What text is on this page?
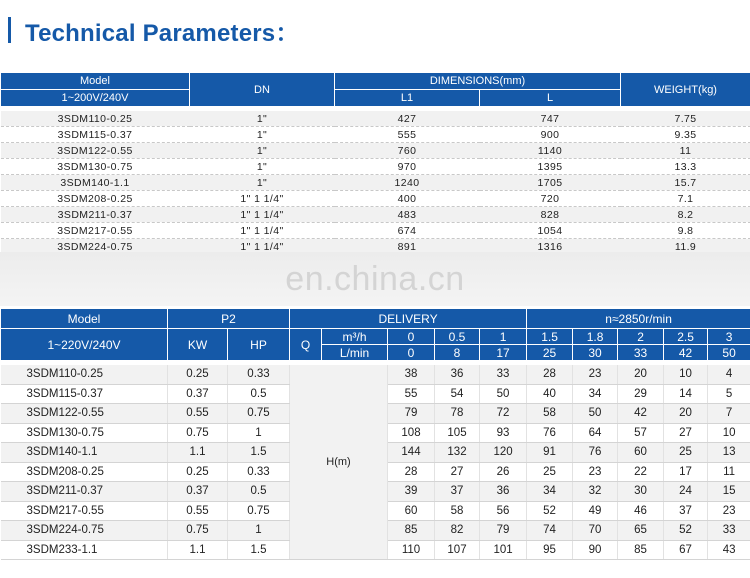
Technical Parameters：
Model	DN	DIMENSIONS(mm)		WEIGHT(kg)
1~200V/240V		L1	L	

3SDM110-0.25	1"	427	747	7.75
3SDM115-0.37	1"	555	900	9.35
3SDM122-0.55	1"	760	1140	11
3SDM130-0.75	1"	970	1395	13.3
3SDM140-1.1	1"	1240	1705	15.7
3SDM208-0.25	1" 1 1/4"	400	720	7.1
3SDM211-0.37	1" 1 1/4"	483	828	8.2
3SDM217-0.55	1" 1 1/4"	674	1054	9.8
3SDM224-0.75	1" 1 1/4"	891	1316	11.9
en.china.cn
Model	P2		DELIVERY					n≈2850r/min				
1~220V/240V	KW	HP	Q	m³/h	0	0.5	1	1.5	1.8	2	2.5	3
				L/min	0	8	17	25	30	33	42	50

3SDM110-0.25	0.25	0.33	H(m)		38	36	33	28	23	20	10	4
3SDM115-0.37	0.37	0.5			55	54	50	40	34	29	14	5
3SDM122-0.55	0.55	0.75			79	78	72	58	50	42	20	7
3SDM130-0.75	0.75	1			108	105	93	76	64	57	27	10
3SDM140-1.1	1.1	1.5			144	132	120	91	76	60	25	13
3SDM208-0.25	0.25	0.33			28	27	26	25	23	22	17	11
3SDM211-0.37	0.37	0.5			39	37	36	34	32	30	24	15
3SDM217-0.55	0.55	0.75			60	58	56	52	49	46	37	23
3SDM224-0.75	0.75	1			85	82	79	74	70	65	52	33
3SDM233-1.1	1.1	1.5			110	107	101	95	90	85	67	43
